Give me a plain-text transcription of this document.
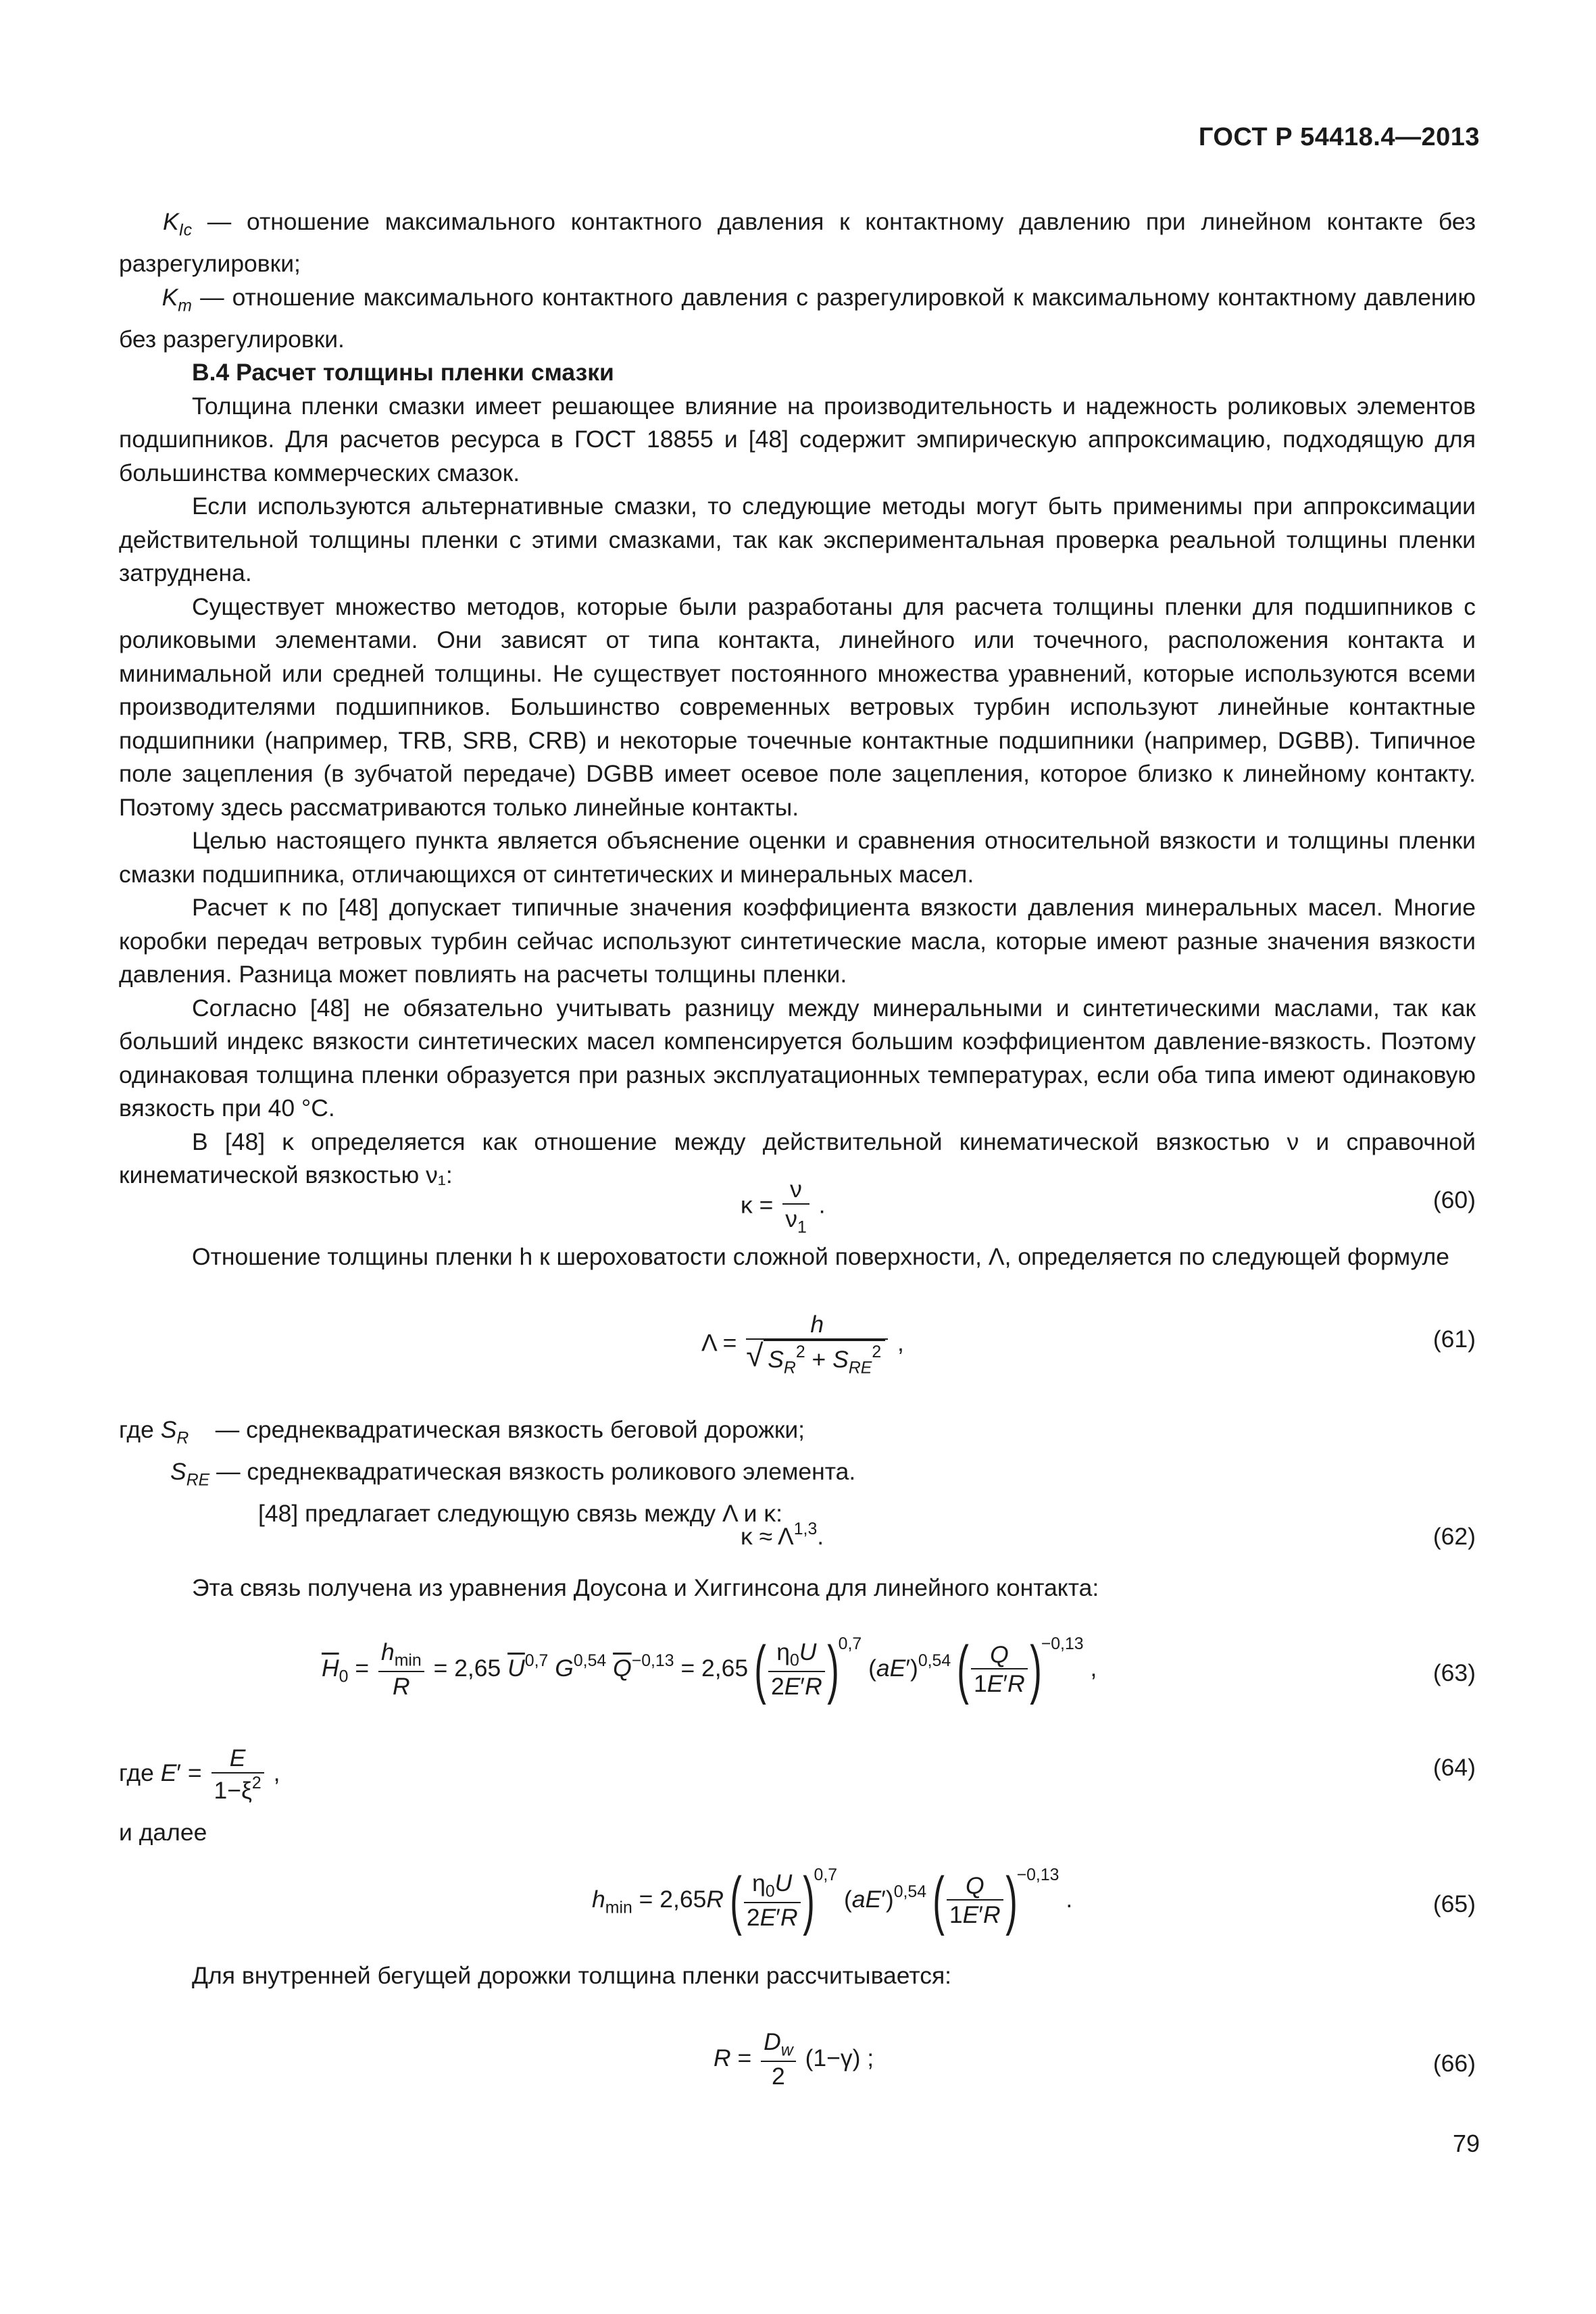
ГОСТ Р 54418.4—2013
$K_{Ic}$ — отношение максимального контактного давления к контактному давлению при линейном контакте без разрегулировки;
$K_m$ — отношение максимального контактного давления с разрегулировкой к максимальному контактному давлению без разрегулировки.

B.4 Расчет толщины пленки смазки

Толщина пленки смазки имеет решающее влияние на производительность и надежность роликовых элементов подшипников. Для расчетов ресурса в ГОСТ 18855 и [48] содержит эмпирическую аппроксимацию, подходящую для большинства коммерческих смазок.

Если используются альтернативные смазки, то следующие методы могут быть применимы при аппроксимации действительной толщины пленки с этими смазками, так как экспериментальная проверка реальной толщины пленки затруднена.

Существует множество методов, которые были разработаны для расчета толщины пленки для подшипников с роликовыми элементами. Они зависят от типа контакта, линейного или точечного, расположения контакта и минимальной или средней толщины. Не существует постоянного множества уравнений, которые используются всеми производителями подшипников. Большинство современных ветровых турбин используют линейные контактные подшипники (например, TRB, SRB, CRB) и некоторые точечные контактные подшипники (например, DGBB). Типичное поле зацепления (в зубчатой передаче) DGBB имеет осевое поле зацепления, которое близко к линейному контакту. Поэтому здесь рассматриваются только линейные контакты.

Целью настоящего пункта является объяснение оценки и сравнения относительной вязкости и толщины пленки смазки подшипника, отличающихся от синтетических и минеральных масел.

Расчет κ по [48] допускает типичные значения коэффициента вязкости давления минеральных масел. Многие коробки передач ветровых турбин сейчас используют синтетические масла, которые имеют разные значения вязкости давления. Разница может повлиять на расчеты толщины пленки.

Согласно [48] не обязательно учитывать разницу между минеральными и синтетическими маслами, так как больший индекс вязкости синтетических масел компенсируется большим коэффициентом давление-вязкость. Поэтому одинаковая толщина пленки образуется при разных эксплуатационных температурах, если оба типа имеют одинаковую вязкость при 40 °C.

В [48] κ определяется как отношение между действительной кинематической вязкостью ν и справочной кинематической вязкостью ν₁:

$\kappa = \frac{\nu}{\nu_1}$ .	(60)

Отношение толщины пленки h к шероховатости сложной поверхности, Λ, определяется по следующей формуле

Λ = h
√ $S_R^2 + S_{RE}^2$ ,	(61)
где $S_R$    — среднеквадратическая вязкость беговой дорожки;
$S_{RE}$ — среднеквадратическая вязкость роликового элемента.
[48] предлагает следующую связь между Λ и κ:
κ ≈ Λ$^{1,3}$.	(62)

Эта связь получена из уравнения Доусона и Хиггинсона для линейного контакта:

$\overline{H}_0 = \frac{h_{min}}{R} = 2,65$ $\overline{U}^{0,7}$ G$^{0,54}$ $\overline{Q}^{-0,13} = 2,65$ ( $\frac{\eta_0U}{2E'R} )^{0,7}$ $(aE')^{0,54}$ ( $\frac{Q}{1E'R} )^{-0,13}$ ,	(63)
где $E' = \frac{E}{1-\xi^2}$ ,	(64)
и далее
$h_{min} = 2,65R$ ( $\frac{\eta_0U}{2E'R} )^{0,7}$ $(aE')^{0,54}$ ( $\frac{Q}{1E'R} )^{-0,13}$ .	(65)

Для внутренней бегущей дорожки толщина пленки рассчитывается:

$R = \frac{D_w}{2} (1-\gamma)$ ;	(66)
79
